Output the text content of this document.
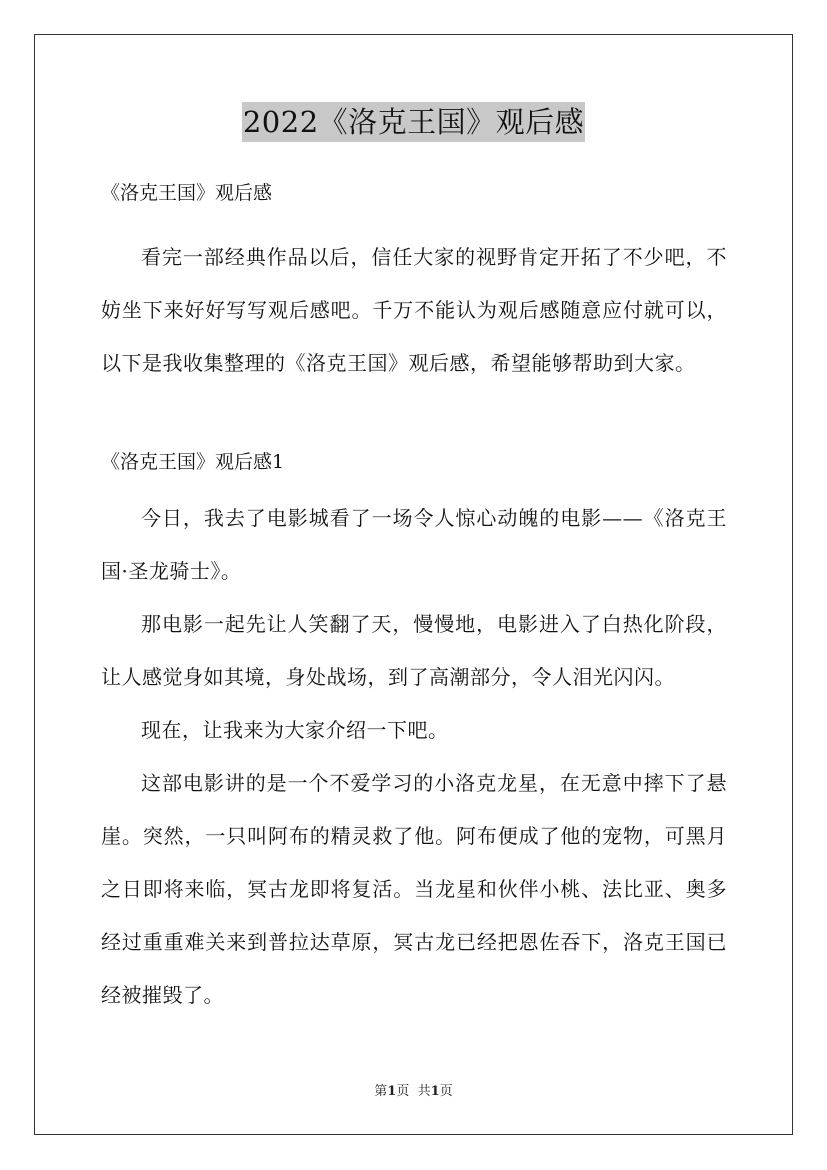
2022《洛克王国》观后感

《洛克王国》观后感

看完一部经典作品以后，信任大家的视野肯定开拓了不少吧，不妨坐下来好好写写观后感吧。千万不能认为观后感随意应付就可以，以下是我收集整理的《洛克王国》观后感，希望能够帮助到大家。

《洛克王国》观后感1

今日，我去了电影城看了一场令人惊心动魄的电影——《洛克王国·圣龙骑士》。

那电影一起先让人笑翻了天，慢慢地，电影进入了白热化阶段，让人感觉身如其境，身处战场，到了高潮部分，令人泪光闪闪。

现在，让我来为大家介绍一下吧。

这部电影讲的是一个不爱学习的小洛克龙星，在无意中摔下了悬崖。突然，一只叫阿布的精灵救了他。阿布便成了他的宠物，可黑月之日即将来临，冥古龙即将复活。当龙星和伙伴小桃、法比亚、奥多经过重重难关来到普拉达草原，冥古龙已经把恩佐吞下，洛克王国已经被摧毁了。

第1页 共1页
